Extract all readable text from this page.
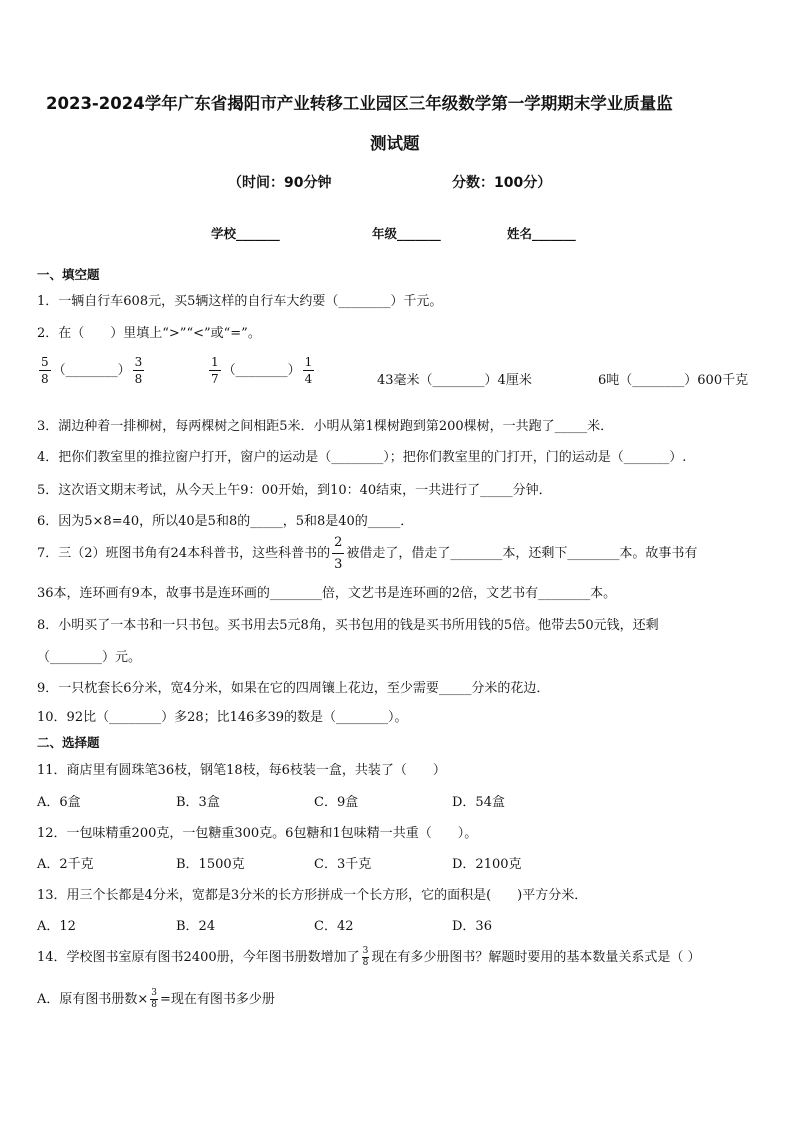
2023-2024学年广东省揭阳市产业转移工业园区三年级数学第一学期期末学业质量监
测试题
（时间：90分钟	分数：100分）
学校_______	年级_______	姓名_______
一、填空题
1．一辆自行车608元，买5辆这样的自行车大约要（________）千元。
2．在（　　）里填上“>”“<”或“=”。
$\frac{5}{8}$ （________） $\frac{3}{8}$	$\frac{1}{7}$ （________） $\frac{1}{4}$	43毫米（________）4厘米	6吨（________）600千克
3．湖边种着一排柳树，每两棵树之间相距5米．小明从第1棵树跑到第200棵树，一共跑了_____米．
4．把你们教室里的推拉窗户打开，窗户的运动是（________）；把你们教室里的门打开，门的运动是（_______）.
5．这次语文期末考试，从今天上午9：00开始，到10：40结束，一共进行了_____分钟．
6．因为5×8=40，所以40是5和8的_____，5和8是40的_____．
7．三（2）班图书角有24本科普书，这些科普书的 $\frac{2}{3}$ 被借走了，借走了________本，还剩下________本。故事书有
36本，连环画有9本，故事书是连环画的________倍，文艺书是连环画的2倍，文艺书有________本。
8．小明买了一本书和一只书包。买书用去5元8角，买书包用的钱是买书所用钱的5倍。他带去50元钱，还剩
（________）元。
9．一只枕套长6分米，宽4分米，如果在它的四周镶上花边，至少需要_____分米的花边．
10．92比（________）多28；比146多39的数是（________）。
二、选择题
11．商店里有圆珠笔36枝，钢笔18枝，每6枝装一盒，共装了（　　）
A．6盒	B．3盒	C．9盒	D．54盒
12．一包味精重200克，一包糖重300克。6包糖和1包味精一共重（　　）。
A．2千克	B．1500克	C．3千克	D．2100克
13．用三个长都是4分米，宽都是3分米的长方形拼成一个长方形，它的面积是(　　)平方分米．
A．12	B．24	C．42	D．36
14．学校图书室原有图书2400册，今年图书册数增加了 $\frac{3}{8}$ 现在有多少册图书？解题时要用的基本数量关系式是（ ）
A．原有图书册数× $\frac{3}{8}$ =现在有图书多少册
